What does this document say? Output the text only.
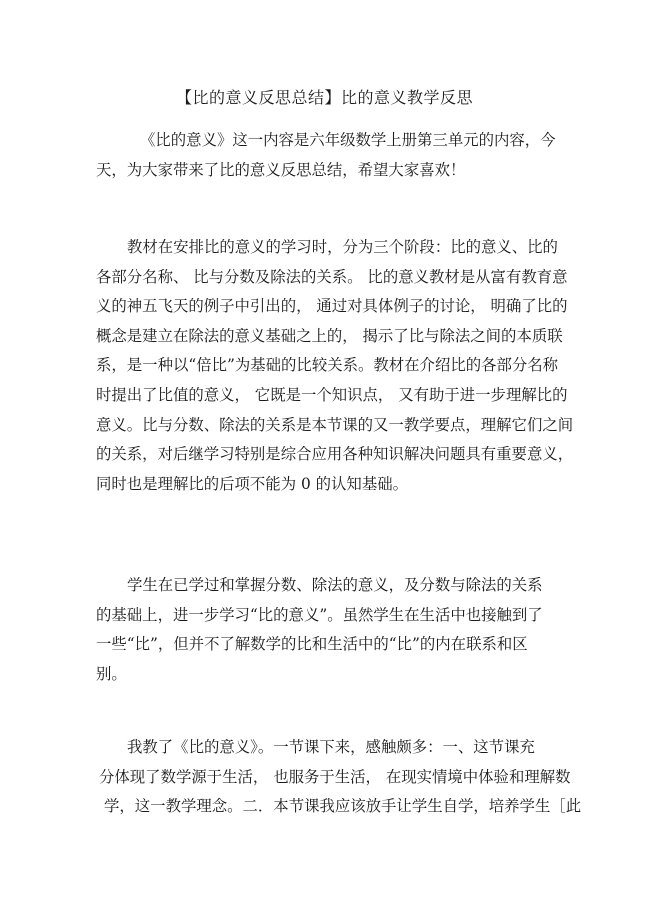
【比的意义反思总结】比的意义教学反思
《比的意义》这一内容是六年级数学上册第三单元的内容，今
天，为大家带来了比的意义反思总结，希望大家喜欢！
教材在安排比的意义的学习时，分为三个阶段：比的意义、比的
各部分名称、 比与分数及除法的关系。 比的意义教材是从富有教育意
义的神五飞天的例子中引出的， 通过对具体例子的讨论， 明确了比的
概念是建立在除法的意义基础之上的， 揭示了比与除法之间的本质联
系，是一种以“倍比”为基础的比较关系。教材在介绍比的各部分名称
时提出了比值的意义， 它既是一个知识点， 又有助于进一步理解比的
意义。比与分数、除法的关系是本节课的又一教学要点，理解它们之间
的关系，对后继学习特别是综合应用各种知识解决问题具有重要意义，
同时也是理解比的后项不能为 0 的认知基础。
学生在已学过和掌握分数、除法的意义，及分数与除法的关系
的基础上，进一步学习“比的意义”。虽然学生在生活中也接触到了
一些“比”，但并不了解数学的比和生活中的“比”的内在联系和区
别。
我教了《比的意义》。一节课下来，感触颇多：一、这节课充
分体现了数学源于生活， 也服务于生活， 在现实情境中体验和理解数
学，这一教学理念。二．本节课我应该放手让学生自学，培养学生［此
